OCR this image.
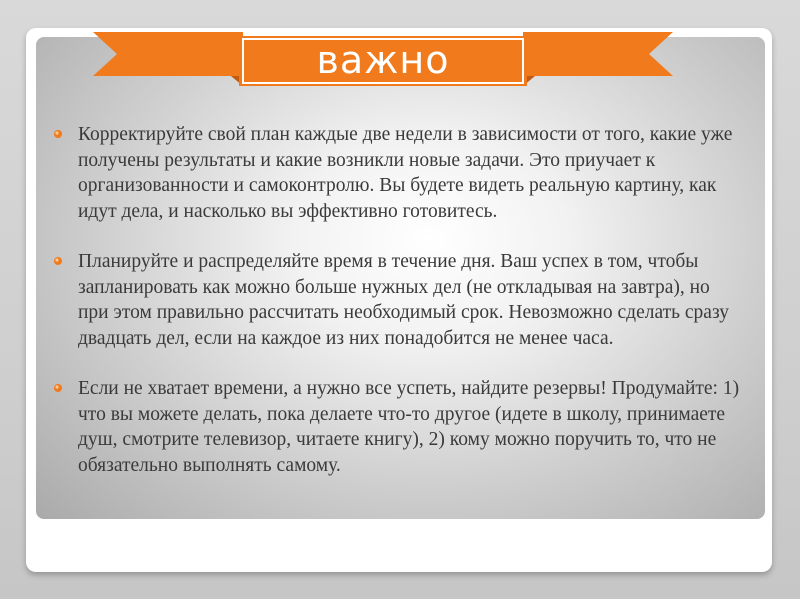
важно
Корректируйте свой план каждые две недели в зависимости от того, какие уже получены результаты и какие возникли новые задачи. Это приучает к организованности и самоконтролю. Вы будете видеть реальную картину, как идут дела, и насколько вы эффективно готовитесь.
Планируйте и распределяйте время в течение дня. Ваш успех в том, чтобы запланировать как можно больше нужных дел (не откладывая на завтра), но при этом правильно рассчитать необходимый срок. Невозможно сделать сразу двадцать дел, если на каждое из них понадобится не менее часа.
Если не хватает времени, а нужно все успеть, найдите резервы! Продумайте: 1) что вы можете делать, пока делаете что-то другое (идете в школу, принимаете душ, смотрите телевизор, читаете книгу), 2) кому можно поручить то, что не обязательно выполнять самому.
